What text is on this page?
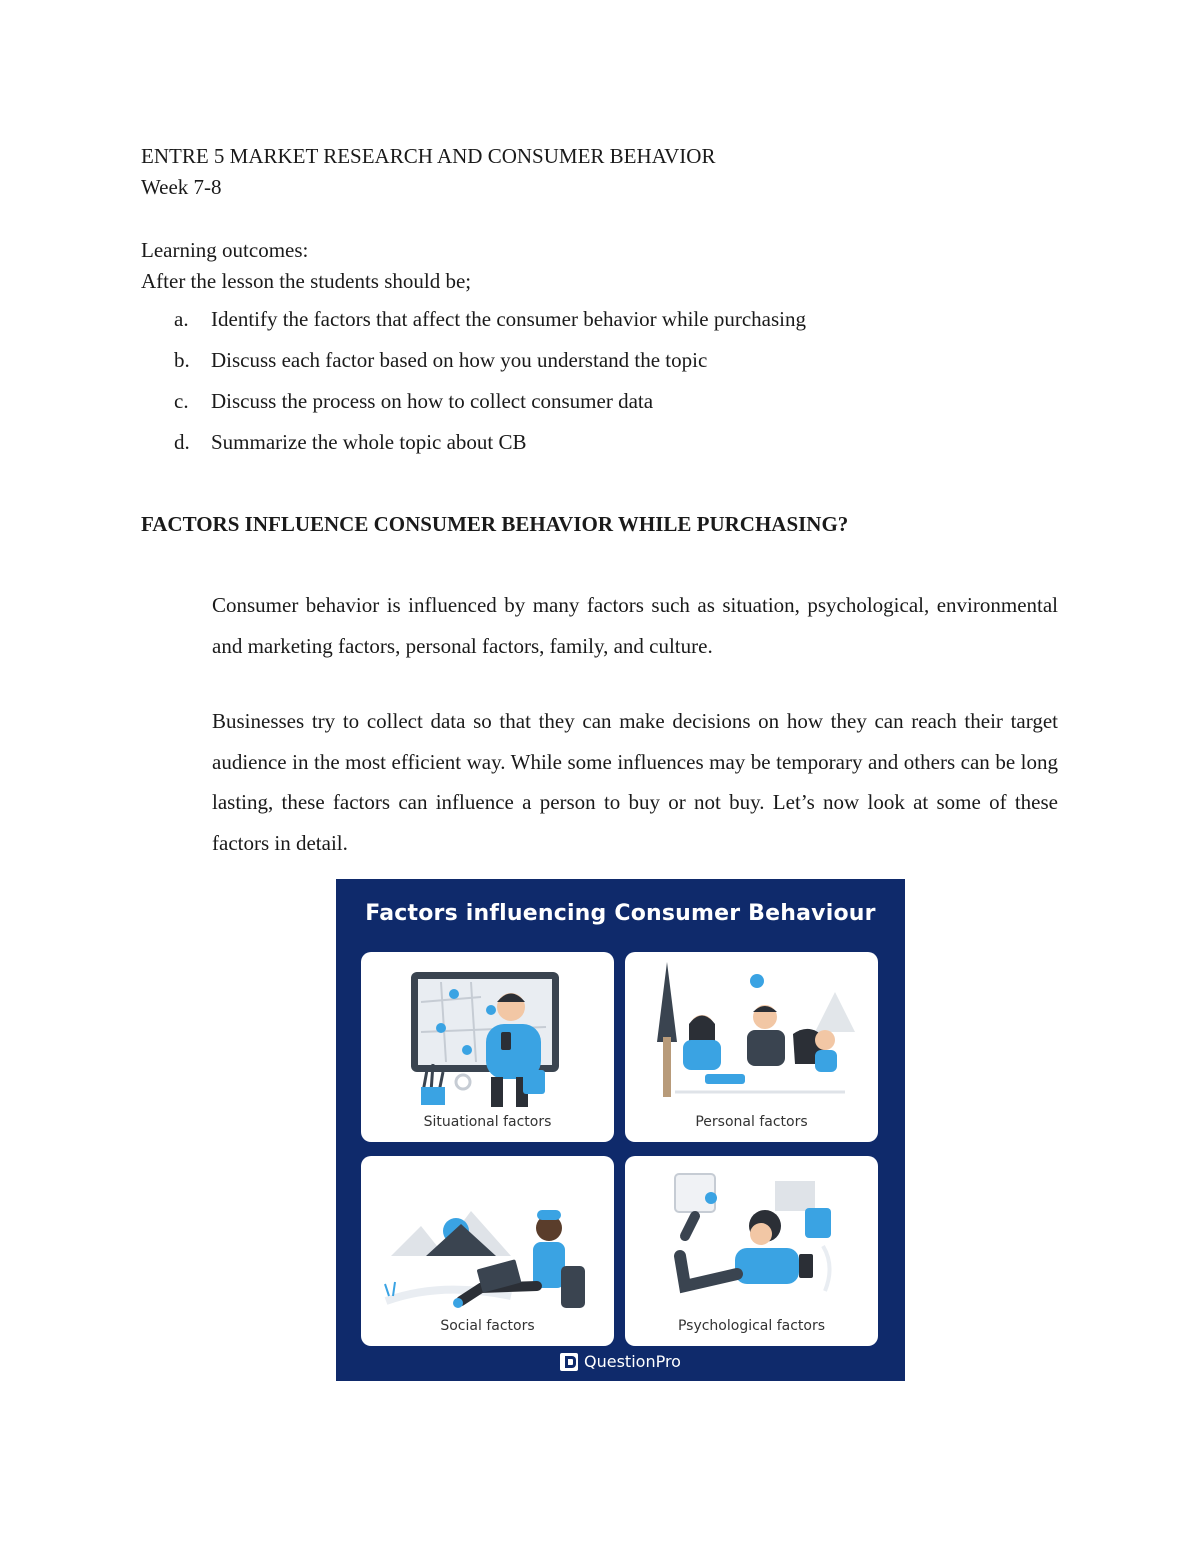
ENTRE 5 MARKET RESEARCH AND CONSUMER BEHAVIOR
Week 7-8
Learning outcomes:
After the lesson the students should be;
a.	Identify the factors that affect the consumer behavior while purchasing
b.	Discuss each factor based on how you understand the topic
c.	Discuss the process on how to collect consumer data
d.	Summarize the whole topic about CB
FACTORS INFLUENCE CONSUMER BEHAVIOR WHILE PURCHASING?

Consumer behavior is influenced by many factors such as situation, psychological, environmental and marketing factors, personal factors, family, and culture.

Businesses try to collect data so that they can make decisions on how they can reach their target audience in the most efficient way. While some influences may be temporary and others can be long lasting, these factors can influence a person to buy or not buy. Let’s now look at some of these factors in detail.

Factors influencing Consumer Behaviour
Situational factors	Personal factors
Social factors	Psychological factors
QuestionPro
